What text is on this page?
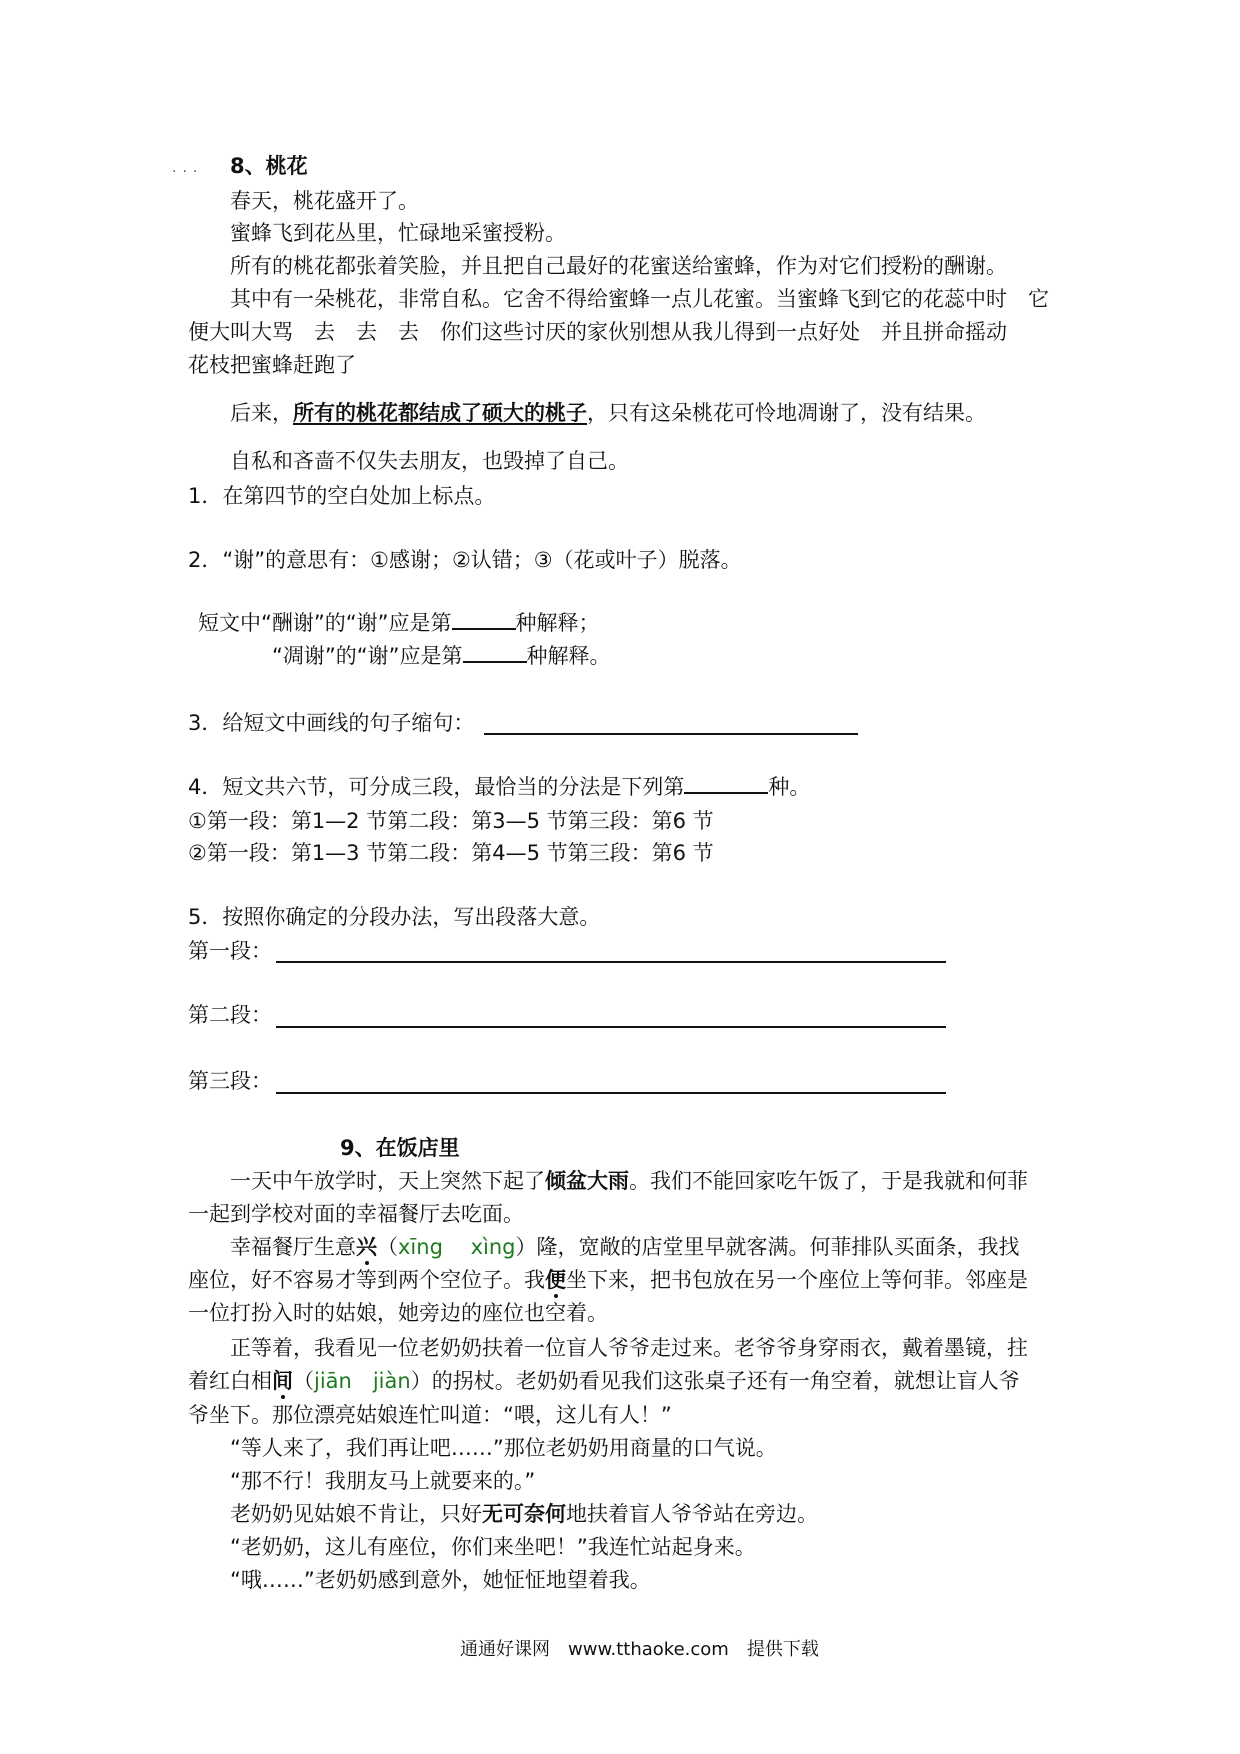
... 8、桃花
春天，桃花盛开了。
蜜蜂飞到花丛里，忙碌地采蜜授粉。
所有的桃花都张着笑脸，并且把自己最好的花蜜送给蜜蜂，作为对它们授粉的酬谢。
其中有一朵桃花，非常自私。它舍不得给蜜蜂一点儿花蜜。当蜜蜂飞到它的花蕊中时　它
便大叫大骂　去　去　去　你们这些讨厌的家伙别想从我儿得到一点好处　并且拼命摇动
花枝把蜜蜂赶跑了
后来，所有的桃花都结成了硕大的桃子，只有这朵桃花可怜地凋谢了，没有结果。
自私和吝啬不仅失去朋友，也毁掉了自己。
1．在第四节的空白处加上标点。
2．“谢”的意思有：①感谢；②认错；③（花或叶子）脱落。
短文中“酬谢”的“谢”应是第	种解释；
“凋谢”的“谢”应是第	种解释。
3．给短文中画线的句子缩句：
4．短文共六节，可分成三段，最恰当的分法是下列第	种。
①第一段：第1—2 节第二段：第3—5 节第三段：第6 节
②第一段：第1—3 节第二段：第4—5 节第三段：第6 节
5．按照你确定的分段办法，写出段落大意。
第一段：
第二段：
第三段：
9、在饭店里
一天中午放学时，天上突然下起了倾盆大雨。我们不能回家吃午饭了，于是我就和何菲
一起到学校对面的幸福餐厅去吃面。
幸福餐厅生意兴（xīng　 xìng）隆，宽敞的店堂里早就客满。何菲排队买面条，我找
座位，好不容易才等到两个空位子。我便坐下来，把书包放在另一个座位上等何菲。邻座是
一位打扮入时的姑娘，她旁边的座位也空着。
正等着，我看见一位老奶奶扶着一位盲人爷爷走过来。老爷爷身穿雨衣，戴着墨镜，拄
着红白相间（jiān　jiàn）的拐杖。老奶奶看见我们这张桌子还有一角空着，就想让盲人爷
爷坐下。那位漂亮姑娘连忙叫道：“喂，这儿有人！”
“等人来了，我们再让吧……”那位老奶奶用商量的口气说。
“那不行！我朋友马上就要来的。”
老奶奶见姑娘不肯让，只好无可奈何地扶着盲人爷爷站在旁边。
“老奶奶，这儿有座位，你们来坐吧！”我连忙站起身来。
“哦……”老奶奶感到意外，她怔怔地望着我。
通通好课网　www.tthaoke.com　提供下载
